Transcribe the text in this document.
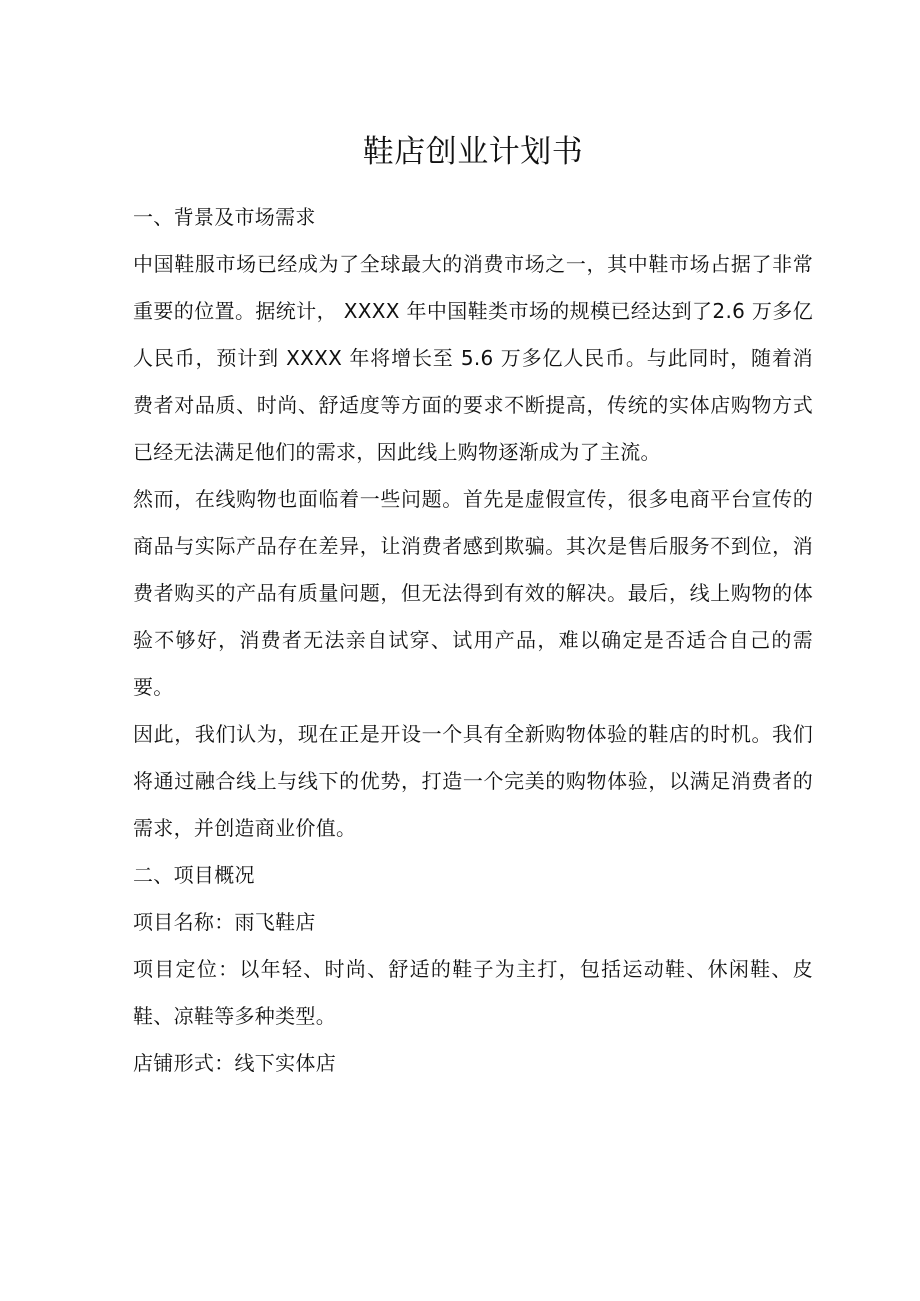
鞋店创业计划书

一、背景及市场需求

中国鞋服市场已经成为了全球最大的消费市场之一，其中鞋市场占据了非常重要的位置。据统计， XXXX 年中国鞋类市场的规模已经达到了2.6 万多亿人民币，预计到 XXXX 年将增长至 5.6 万多亿人民币。与此同时，随着消费者对品质、时尚、舒适度等方面的要求不断提高，传统的实体店购物方式已经无法满足他们的需求，因此线上购物逐渐成为了主流。

然而，在线购物也面临着一些问题。首先是虚假宣传，很多电商平台宣传的商品与实际产品存在差异，让消费者感到欺骗。其次是售后服务不到位，消费者购买的产品有质量问题，但无法得到有效的解决。最后，线上购物的体验不够好，消费者无法亲自试穿、试用产品，难以确定是否适合自己的需要。

因此，我们认为，现在正是开设一个具有全新购物体验的鞋店的时机。我们将通过融合线上与线下的优势，打造一个完美的购物体验，以满足消费者的需求，并创造商业价值。

二、项目概况

项目名称：雨飞鞋店

项目定位：以年轻、时尚、舒适的鞋子为主打，包括运动鞋、休闲鞋、皮鞋、凉鞋等多种类型。

店铺形式：线下实体店
